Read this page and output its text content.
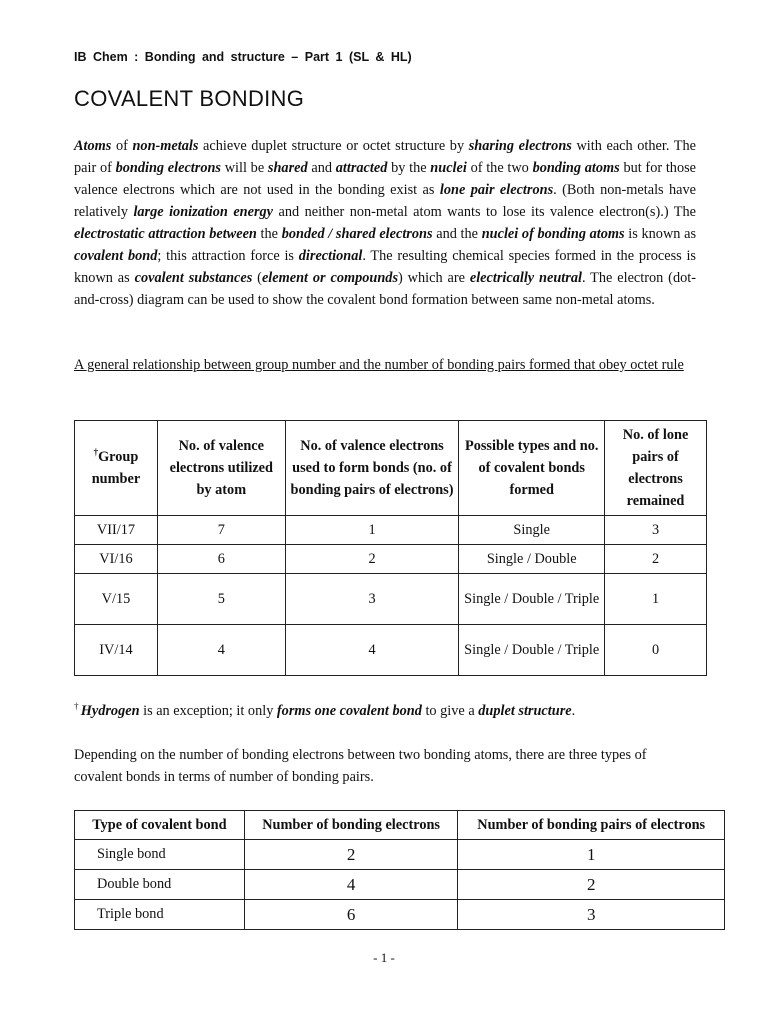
IB Chem : Bonding and structure – Part 1 (SL & HL)
COVALENT BONDING
Atoms of non-metals achieve duplet structure or octet structure by sharing electrons with each other. The pair of bonding electrons will be shared and attracted by the nuclei of the two bonding atoms but for those valence electrons which are not used in the bonding exist as lone pair electrons. (Both non-metals have relatively large ionization energy and neither non-metal atom wants to lose its valence electron(s).) The electrostatic attraction between the bonded / shared electrons and the nuclei of bonding atoms is known as covalent bond; this attraction force is directional. The resulting chemical species formed in the process is known as covalent substances (element or compounds) which are electrically neutral. The electron (dot-and-cross) diagram can be used to show the covalent bond formation between same non-metal atoms.
A general relationship between group number and the number of bonding pairs formed that obey octet rule
†Group number	No. of valence electrons utilized by atom	No. of valence electrons used to form bonds (no. of bonding pairs of electrons)	Possible types and no. of covalent bonds formed	No. of lone pairs of electrons remained
VII/17	7	1	Single	3
VI/16	6	2	Single / Double	2
V/15	5	3	Single / Double / Triple	1
IV/14	4	4	Single / Double / Triple	0
† Hydrogen is an exception; it only forms one covalent bond to give a duplet structure.
Depending on the number of bonding electrons between two bonding atoms, there are three types of covalent bonds in terms of number of bonding pairs.
Type of covalent bond	Number of bonding electrons	Number of bonding pairs of electrons
Single bond	2	1
Double bond	4	2
Triple bond	6	3
- 1 -
